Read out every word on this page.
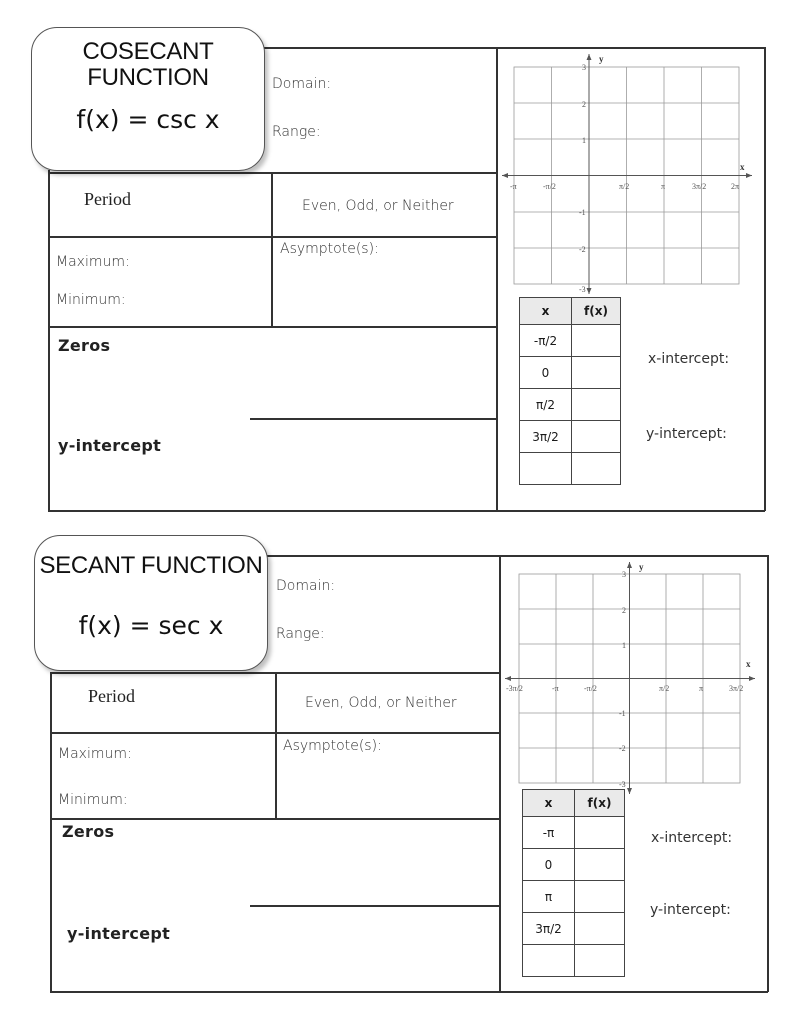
COSECANT
FUNCTION
f(x) = csc x
Domain:
Range:
Period	Even, Odd, or Neither
Maximum:
Minimum:
Asymptote(s):
Zeros
y-intercept
y
x
-π	-π/2	π/2	π	3π/2	2π
3
2
1
-1
-2
-3
x	f(x)
-π/2	
0	
π/2	
3π/2	

x-intercept:
y-intercept:
SECANT FUNCTION
f(x) = sec x
Domain:
Range:
Period	Even, Odd, or Neither
Maximum:
Minimum:
Asymptote(s):
Zeros
y-intercept
y
x
-3π/2	-π	-π/2	π/2	π	3π/2
3
2
1
-1
-2
-3
x	f(x)
-π	
0	
π	
3π/2	

x-intercept:
y-intercept:
